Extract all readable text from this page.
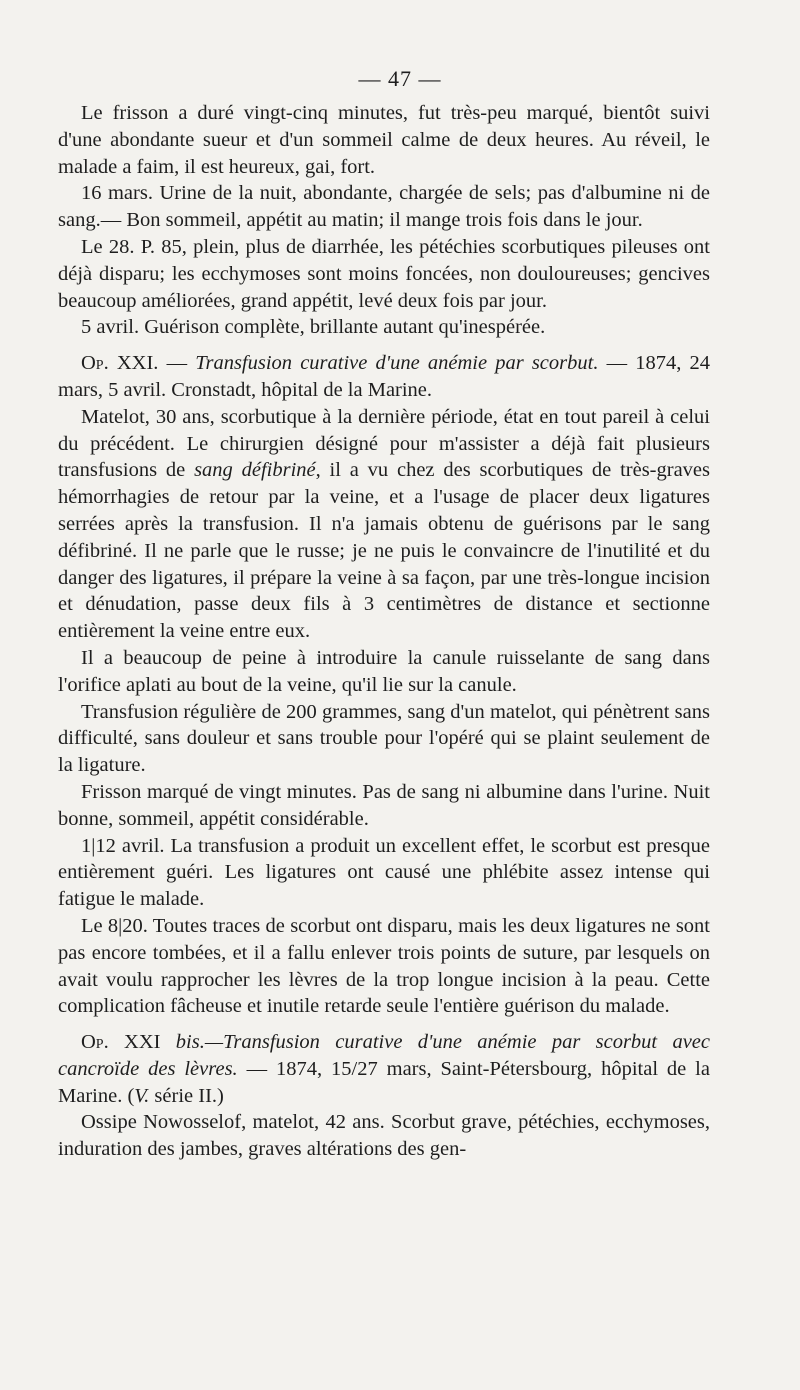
— 47 —

Le frisson a duré vingt-cinq minutes, fut très-peu marqué, bientôt suivi d'une abondante sueur et d'un sommeil calme de deux heures. Au réveil, le malade a faim, il est heureux, gai, fort.

16 mars. Urine de la nuit, abondante, chargée de sels; pas d'albumine ni de sang.— Bon sommeil, appétit au matin; il mange trois fois dans le jour.

Le 28. P. 85, plein, plus de diarrhée, les pétéchies scorbutiques pileuses ont déjà disparu; les ecchymoses sont moins foncées, non douloureuses; gencives beaucoup améliorées, grand appétit, levé deux fois par jour.

5 avril. Guérison complète, brillante autant qu'inespérée.

Op. XXI. — Transfusion curative d'une anémie par scorbut. — 1874, 24 mars, 5 avril. Cronstadt, hôpital de la Marine.

Matelot, 30 ans, scorbutique à la dernière période, état en tout pareil à celui du précédent. Le chirurgien désigné pour m'assister a déjà fait plusieurs transfusions de sang défibriné, il a vu chez des scorbutiques de très-graves hémorrhagies de retour par la veine, et a l'usage de placer deux ligatures serrées après la transfusion. Il n'a jamais obtenu de guérisons par le sang défibriné. Il ne parle que le russe; je ne puis le convaincre de l'inutilité et du danger des ligatures, il prépare la veine à sa façon, par une très-longue incision et dénudation, passe deux fils à 3 centimètres de distance et sectionne entièrement la veine entre eux.

Il a beaucoup de peine à introduire la canule ruisselante de sang dans l'orifice aplati au bout de la veine, qu'il lie sur la canule.

Transfusion régulière de 200 grammes, sang d'un matelot, qui pénètrent sans difficulté, sans douleur et sans trouble pour l'opéré qui se plaint seulement de la ligature.

Frisson marqué de vingt minutes. Pas de sang ni albumine dans l'urine. Nuit bonne, sommeil, appétit considérable.

1|12 avril. La transfusion a produit un excellent effet, le scorbut est presque entièrement guéri. Les ligatures ont causé une phlébite assez intense qui fatigue le malade.

Le 8|20. Toutes traces de scorbut ont disparu, mais les deux ligatures ne sont pas encore tombées, et il a fallu enlever trois points de suture, par lesquels on avait voulu rapprocher les lèvres de la trop longue incision à la peau. Cette complication fâcheuse et inutile retarde seule l'entière guérison du malade.

Op. XXI bis.—Transfusion curative d'une anémie par scorbut avec cancroïde des lèvres. — 1874, 15/27 mars, Saint-Pétersbourg, hôpital de la Marine. (V. série II.)

Ossipe Nowosselof, matelot, 42 ans. Scorbut grave, pétéchies, ecchymoses, induration des jambes, graves altérations des gen-
